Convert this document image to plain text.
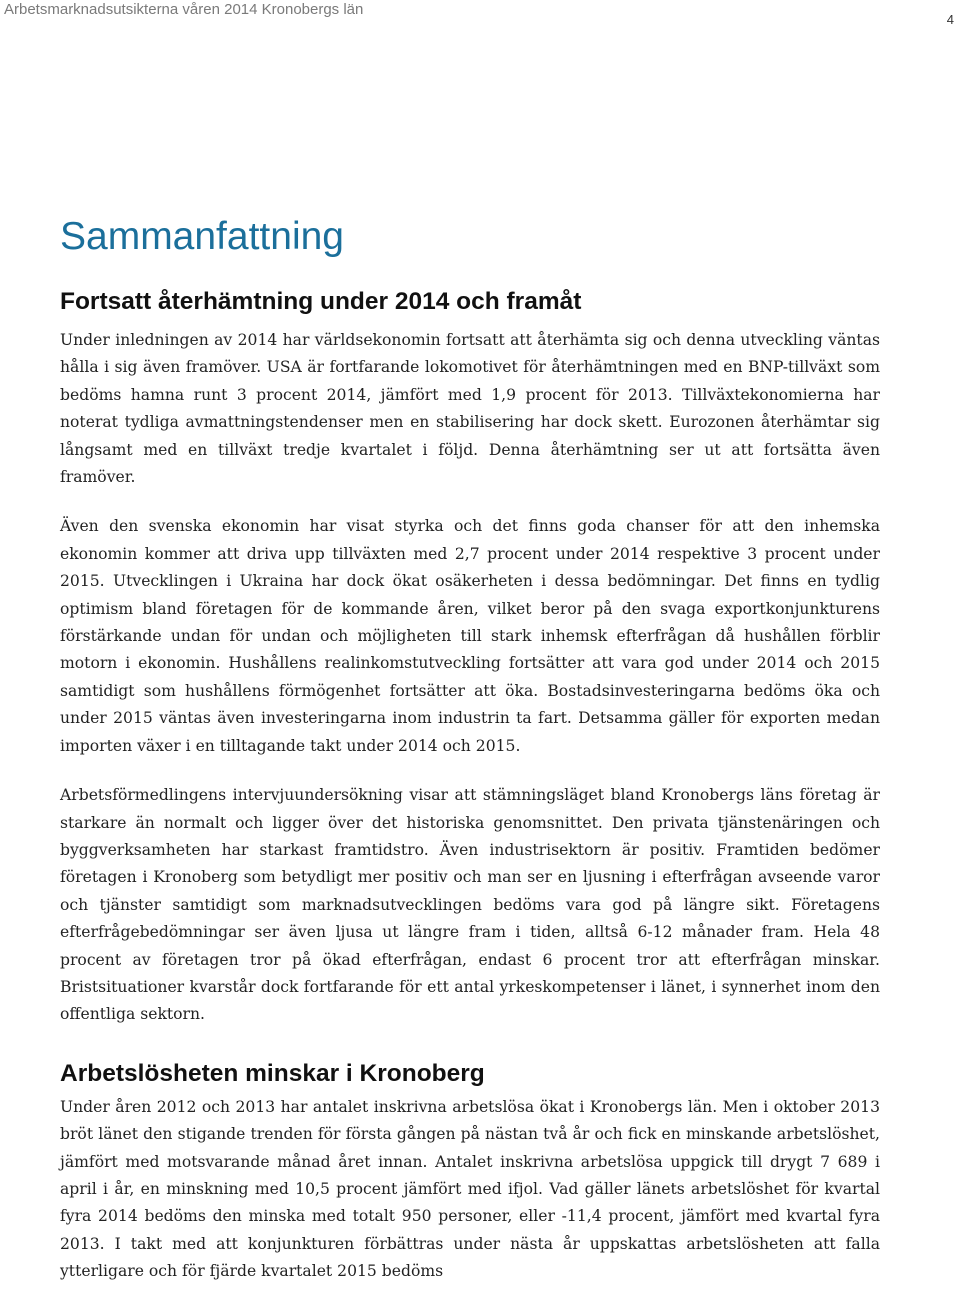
Arbetsmarknadsutsikterna våren 2014 Kronobergs län
4
Sammanfattning
Fortsatt återhämtning under 2014 och framåt

Under inledningen av 2014 har världsekonomin fortsatt att återhämta sig och denna utveckling väntas hålla i sig även framöver. USA är fortfarande lokomotivet för återhämtningen med en BNP-tillväxt som bedöms hamna runt 3 procent 2014, jämfört med 1,9 procent för 2013. Tillväxtekonomierna har noterat tydliga avmattningstendenser men en stabilisering har dock skett. Eurozonen återhämtar sig långsamt med en tillväxt tredje kvartalet i följd. Denna återhämtning ser ut att fortsätta även framöver.

Även den svenska ekonomin har visat styrka och det finns goda chanser för att den inhemska ekonomin kommer att driva upp tillväxten med 2,7 procent under 2014 respektive 3 procent under 2015. Utvecklingen i Ukraina har dock ökat osäkerheten i dessa bedömningar. Det finns en tydlig optimism bland företagen för de kommande åren, vilket beror på den svaga exportkonjunkturens förstärkande undan för undan och möjligheten till stark inhemsk efterfrågan då hushållen förblir motorn i ekonomin. Hushållens realinkomstutveckling fortsätter att vara god under 2014 och 2015 samtidigt som hushållens förmögenhet fortsätter att öka. Bostadsinvesteringarna bedöms öka och under 2015 väntas även investeringarna inom industrin ta fart. Detsamma gäller för exporten medan importen växer i en tilltagande takt under 2014 och 2015.

Arbetsförmedlingens intervjuundersökning visar att stämningsläget bland Kronobergs läns företag är starkare än normalt och ligger över det historiska genomsnittet. Den privata tjänstenäringen och byggverksamheten har starkast framtidstro. Även industrisektorn är positiv. Framtiden bedömer företagen i Kronoberg som betydligt mer positiv och man ser en ljusning i efterfrågan avseende varor och tjänster samtidigt som marknadsutvecklingen bedöms vara god på längre sikt. Företagens efterfrågebedömningar ser även ljusa ut längre fram i tiden, alltså 6-12 månader fram. Hela 48 procent av företagen tror på ökad efterfrågan, endast 6 procent tror att efterfrågan minskar. Bristsituationer kvarstår dock fortfarande för ett antal yrkeskompetenser i länet, i synnerhet inom den offentliga sektorn.

Arbetslösheten minskar i Kronoberg

Under åren 2012 och 2013 har antalet inskrivna arbetslösa ökat i Kronobergs län. Men i oktober 2013 bröt länet den stigande trenden för första gången på nästan två år och fick en minskande arbetslöshet, jämfört med motsvarande månad året innan. Antalet inskrivna arbetslösa uppgick till drygt 7 689 i april i år, en minskning med 10,5 procent jämfört med ifjol. Vad gäller länets arbetslöshet för kvartal fyra 2014 bedöms den minska med totalt 950 personer, eller -11,4 procent, jämfört med kvartal fyra 2013. I takt med att konjunkturen förbättras under nästa år uppskattas arbetslösheten att falla ytterligare och för fjärde kvartalet 2015 bedöms
